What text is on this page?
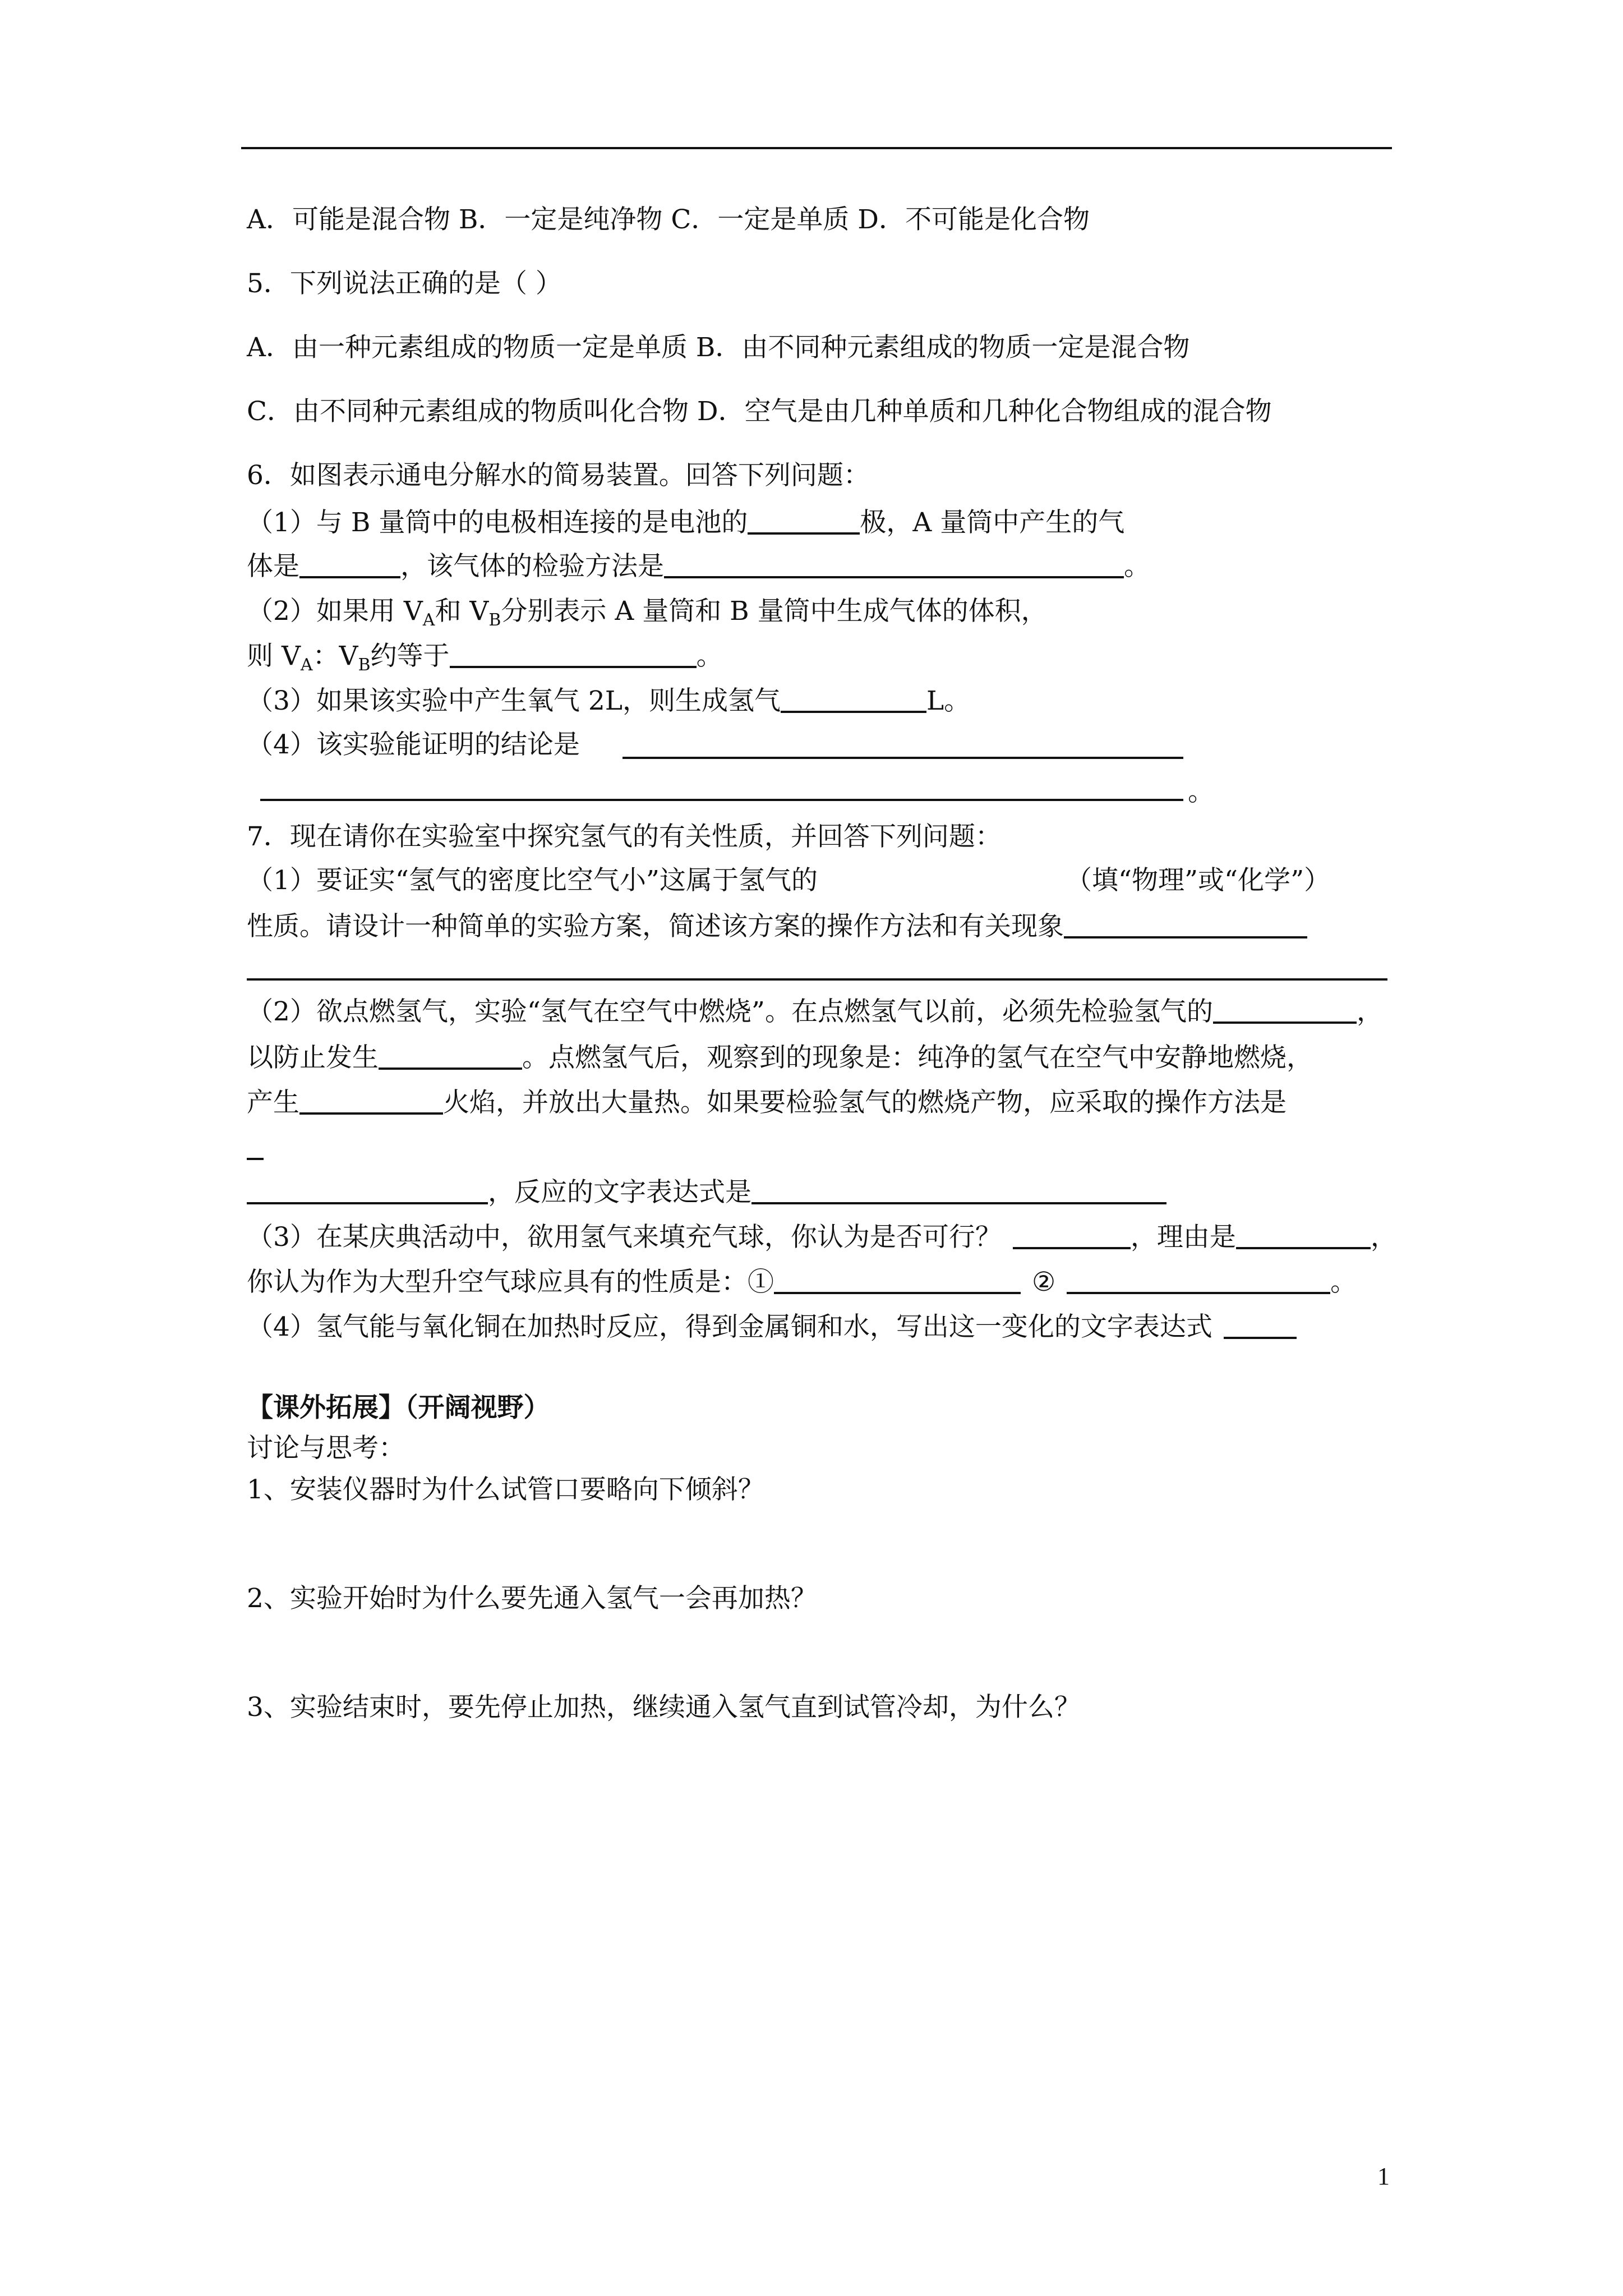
A．可能是混合物 B．一定是纯净物 C．一定是单质 D．不可能是化合物
5．下列说法正确的是（ ）
A．由一种元素组成的物质一定是单质 B．由不同种元素组成的物质一定是混合物
C．由不同种元素组成的物质叫化合物 D．空气是由几种单质和几种化合物组成的混合物
6．如图表示通电分解水的简易装置。回答下列问题：
（1）与 B 量筒中的电极相连接的是电池的	极，A 量筒中产生的气
体是	，该气体的检验方法是	。
（2）如果用 $V_A$和 $V_B$分别表示 A 量筒和 B 量筒中生成气体的体积，
则 $V_A$：$V_B$约等于	。
（3）如果该实验中产生氧气 2L，则生成氢气	L。
（4）该实验能证明的结论是
。
7．现在请你在实验室中探究氢气的有关性质，并回答下列问题：
（1）要证实“氢气的密度比空气小”这属于氢气的	（填“物理”或“化学”）
性质。请设计一种简单的实验方案，简述该方案的操作方法和有关现象
（2）欲点燃氢气，实验“氢气在空气中燃烧”。在点燃氢气以前，必须先检验氢气的	，
以防止发生	。点燃氢气后，观察到的现象是：纯净的氢气在空气中安静地燃烧，
产生	火焰，并放出大量热。如果要检验氢气的燃烧产物，应采取的操作方法是
，反应的文字表达式是
（3）在某庆典活动中，欲用氢气来填充气球，你认为是否可行？	，理由是	，
你认为作为大型升空气球应具有的性质是：①	②	。
（4）氢气能与氧化铜在加热时反应，得到金属铜和水，写出这一变化的文字表达式
【课外拓展】（开阔视野）
讨论与思考：
1、安装仪器时为什么试管口要略向下倾斜？
2、实验开始时为什么要先通入氢气一会再加热？
3、实验结束时，要先停止加热，继续通入氢气直到试管冷却，为什么？
1
